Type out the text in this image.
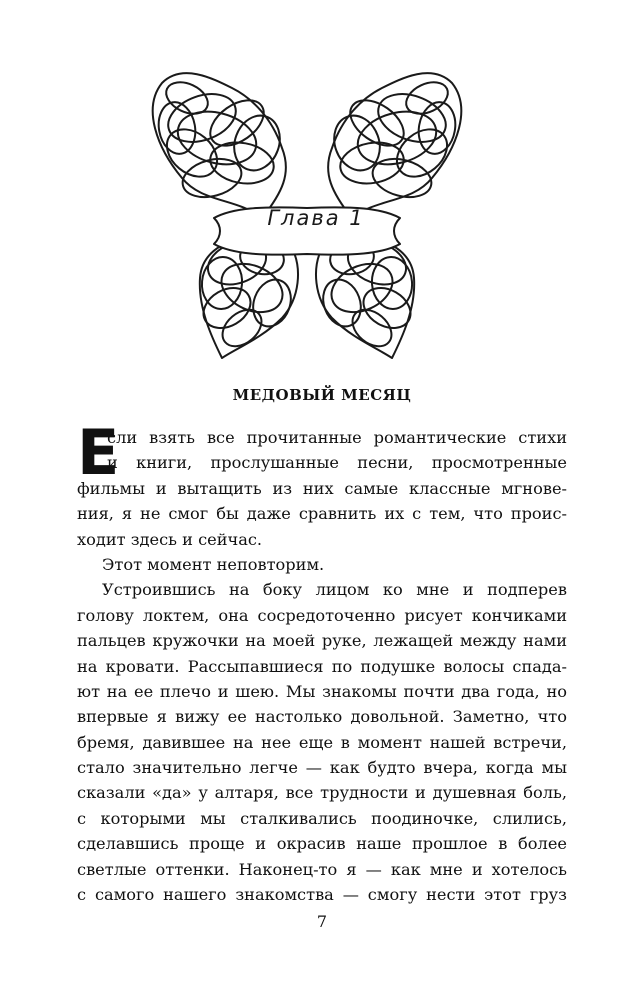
Глава 1
МЕДОВЫЙ МЕСЯЦ
Е
сли взять все прочитанные романтические стихи
и книги, прослушанные песни, просмотренные
фильмы и вытащить из них самые классные мгнове-
ния, я не смог бы даже сравнить их с тем, что проис-
ходит здесь и сейчас.
Этот момент неповторим.
Устроившись на боку лицом ко мне и подперев
голову локтем, она сосредоточенно рисует кончиками
пальцев кружочки на моей руке, лежащей между нами
на кровати. Рассыпавшиеся по подушке волосы спада-
ют на ее плечо и шею. Мы знакомы почти два года, но
впервые я вижу ее настолько довольной. Заметно, что
бремя, давившее на нее еще в момент нашей встречи,
стало значительно легче — как будто вчера, когда мы
сказали «да» у алтаря, все трудности и душевная боль,
с которыми мы сталкивались поодиночке, слились,
сделавшись проще и окрасив наше прошлое в более
светлые оттенки. Наконец-то я — как мне и хотелось
с самого нашего знакомства — смогу нести этот груз
7
